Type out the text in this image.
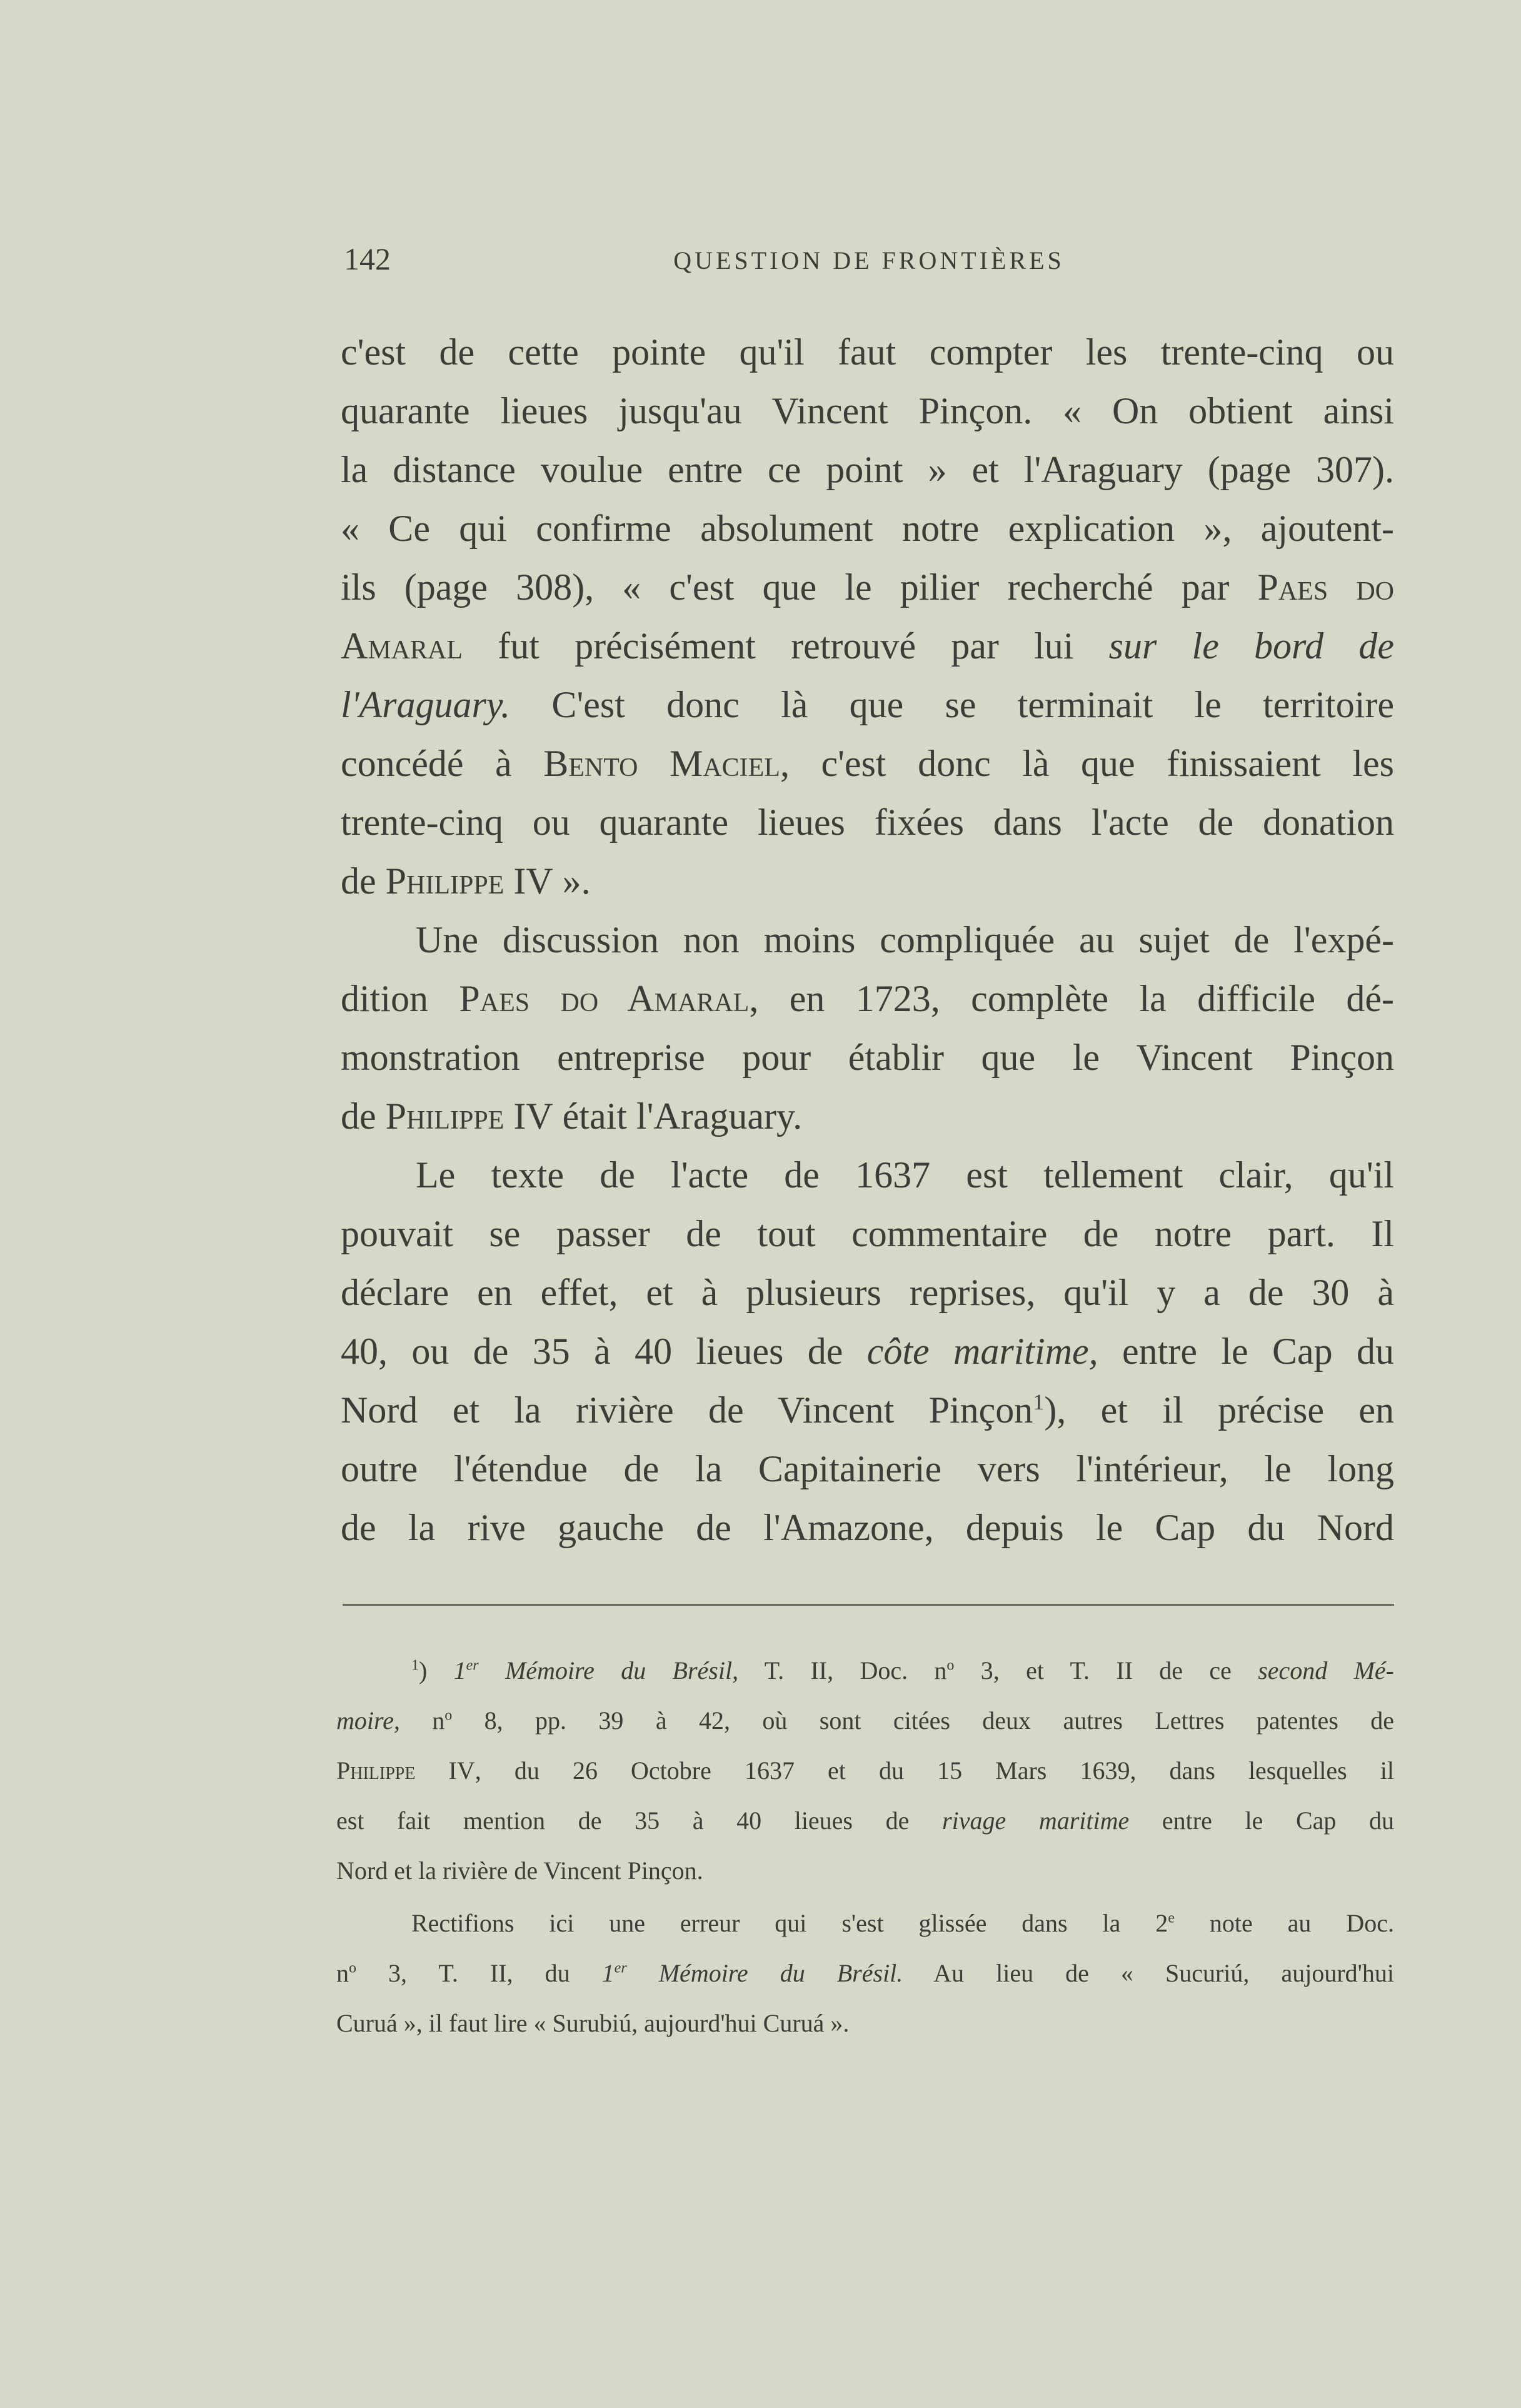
142	QUESTION DE FRONTIÈRES
c'est de cette pointe qu'il faut compter les trente-cinq ou
quarante lieues jusqu'au Vincent Pinçon. « On obtient ainsi
la distance voulue entre ce point » et l'Araguary (page 307).
« Ce qui confirme absolument notre explication », ajoutent-
ils (page 308), « c'est que le pilier recherché par Paes do
Amaral fut précisément retrouvé par lui sur le bord de
l'Araguary. C'est donc là que se terminait le territoire
concédé à Bento Maciel, c'est donc là que finissaient les
trente-cinq ou quarante lieues fixées dans l'acte de donation
de Philippe IV ».
Une discussion non moins compliquée au sujet de l'expé-
dition Paes do Amaral, en 1723, complète la difficile dé-
monstration entreprise pour établir que le Vincent Pinçon
de Philippe IV était l'Araguary.
Le texte de l'acte de 1637 est tellement clair, qu'il
pouvait se passer de tout commentaire de notre part. Il
déclare en effet, et à plusieurs reprises, qu'il y a de 30 à
40, ou de 35 à 40 lieues de côte maritime, entre le Cap du
Nord et la rivière de Vincent Pinçon$^1$), et il précise en
outre l'étendue de la Capitainerie vers l'intérieur, le long
de la rive gauche de l'Amazone, depuis le Cap du Nord
$^1$) 1er Mémoire du Brésil, T. II, Doc. $n^o$ 3, et T. II de ce second Mé-
moire, $n^o$ 8, pp. 39 à 42, où sont citées deux autres Lettres patentes de
Philippe IV, du 26 Octobre 1637 et du 15 Mars 1639, dans lesquelles il
est fait mention de 35 à 40 lieues de rivage maritime entre le Cap du
Nord et la rivière de Vincent Pinçon.
Rectifions ici une erreur qui s'est glissée dans la 2e note au Doc.
$n^o$ 3, T. II, du 1er Mémoire du Brésil. Au lieu de « Sucuriú, aujourd'hui
Curuá », il faut lire « Surubiú, aujourd'hui Curuá ».
